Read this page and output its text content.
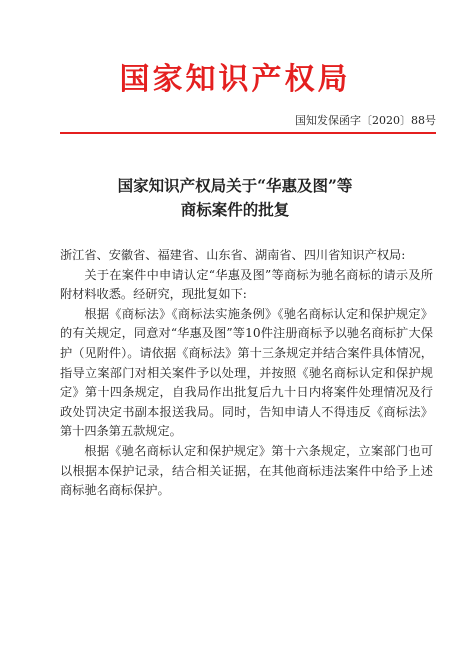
国家知识产权局
国知发保函字〔2020〕88号
国家知识产权局关于“华惠及图”等
商标案件的批复
浙江省、安徽省、福建省、山东省、湖南省、四川省知识产权局:

关于在案件中申请认定“华惠及图”等商标为驰名商标的请示及所附材料收悉。经研究，现批复如下:

根据《商标法》《商标法实施条例》《驰名商标认定和保护规定》的有关规定，同意对“华惠及图”等10件注册商标予以驰名商标扩大保护（见附件）。请依据《商标法》第十三条规定并结合案件具体情况，指导立案部门对相关案件予以处理，并按照《驰名商标认定和保护规定》第十四条规定，自我局作出批复后九十日内将案件处理情况及行政处罚决定书副本报送我局。同时，告知申请人不得违反《商标法》第十四条第五款规定。

根据《驰名商标认定和保护规定》第十六条规定，立案部门也可以根据本保护记录，结合相关证据，在其他商标违法案件中给予上述商标驰名商标保护。
